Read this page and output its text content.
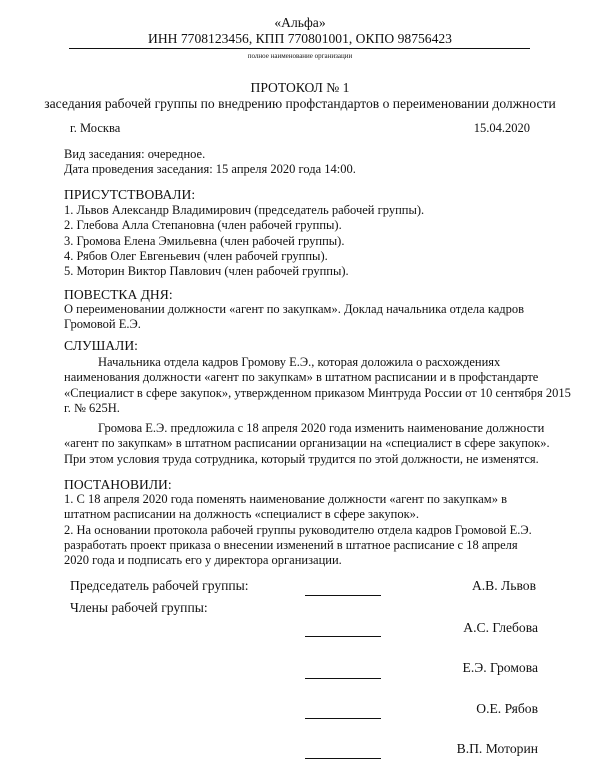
«Альфа»
ИНН 7708123456, КПП 770801001, ОКПО 98756423
полное наименование организации
ПРОТОКОЛ № 1
заседания рабочей группы по внедрению профстандартов о переименовании должности
г. Москва	15.04.2020
Вид заседания: очередное.
Дата проведения заседания: 15 апреля 2020 года 14:00.
ПРИСУТСТВОВАЛИ:
1. Львов Александр Владимирович (председатель рабочей группы).
2. Глебова Алла Степановна (член рабочей группы).
3. Громова Елена Эмильевна (член рабочей группы).
4. Рябов Олег Евгеньевич (член рабочей группы).
5. Моторин Виктор Павлович (член рабочей группы).
ПОВЕСТКА ДНЯ:
О переименовании должности «агент по закупкам». Доклад начальника отдела кадров
Громовой Е.Э.
СЛУШАЛИ:
Начальника отдела кадров Громову Е.Э., которая доложила о расхождениях
наименования должности «агент по закупкам» в штатном расписании и в профстандарте
«Специалист в сфере закупок», утвержденном приказом Минтруда России от 10 сентября 2015
г. № 625Н.
Громова Е.Э. предложила с 18 апреля 2020 года изменить наименование должности
«агент по закупкам» в штатном расписании организации на «специалист в сфере закупок».
При этом условия труда сотрудника, который трудится по этой должности, не изменятся.
ПОСТАНОВИЛИ:
1. С 18 апреля 2020 года поменять наименование должности «агент по закупкам» в
штатном расписании на должность «специалист в сфере закупок».
2. На основании протокола рабочей группы руководителю отдела кадров Громовой Е.Э.
разработать проект приказа о внесении изменений в штатное расписание с 18 апреля
2020 года и подписать его у директора организации.
Председатель рабочей группы:	А.В. Львов
Члены рабочей группы:
А.С. Глебова
Е.Э. Громова
О.Е. Рябов
В.П. Моторин
